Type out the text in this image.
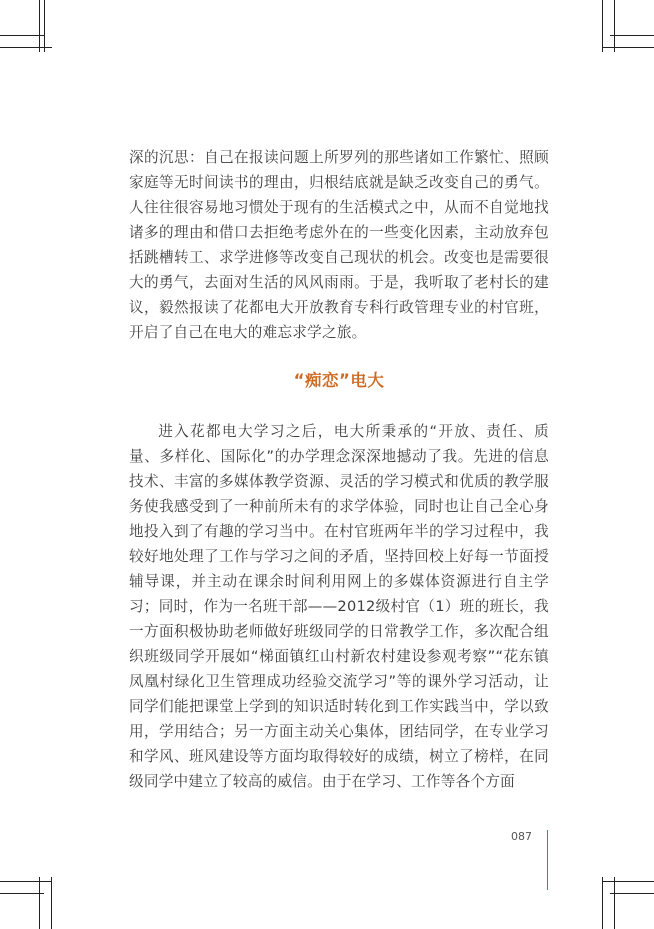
深的沉思：自己在报读问题上所罗列的那些诸如工作繁忙、照顾家庭等无时间读书的理由，归根结底就是缺乏改变自己的勇气。人往往很容易地习惯处于现有的生活模式之中，从而不自觉地找诸多的理由和借口去拒绝考虑外在的一些变化因素，主动放弃包括跳槽转工、求学进修等改变自己现状的机会。改变也是需要很大的勇气，去面对生活的风风雨雨。于是，我听取了老村长的建议，毅然报读了花都电大开放教育专科行政管理专业的村官班，开启了自己在电大的难忘求学之旅。

“痴恋”电大

进入花都电大学习之后，电大所秉承的“开放、责任、质量、多样化、国际化”的办学理念深深地撼动了我。先进的信息技术、丰富的多媒体教学资源、灵活的学习模式和优质的教学服务使我感受到了一种前所未有的求学体验，同时也让自己全心身地投入到了有趣的学习当中。在村官班两年半的学习过程中，我较好地处理了工作与学习之间的矛盾，坚持回校上好每一节面授辅导课，并主动在课余时间利用网上的多媒体资源进行自主学习；同时，作为一名班干部——2012级村官（1）班的班长，我一方面积极协助老师做好班级同学的日常教学工作，多次配合组织班级同学开展如“梯面镇红山村新农村建设参观考察”“花东镇凤凰村绿化卫生管理成功经验交流学习”等的课外学习活动，让同学们能把课堂上学到的知识适时转化到工作实践当中，学以致用，学用结合；另一方面主动关心集体，团结同学，在专业学习和学风、班风建设等方面均取得较好的成绩，树立了榜样，在同级同学中建立了较高的威信。由于在学习、工作等各个方面

087
